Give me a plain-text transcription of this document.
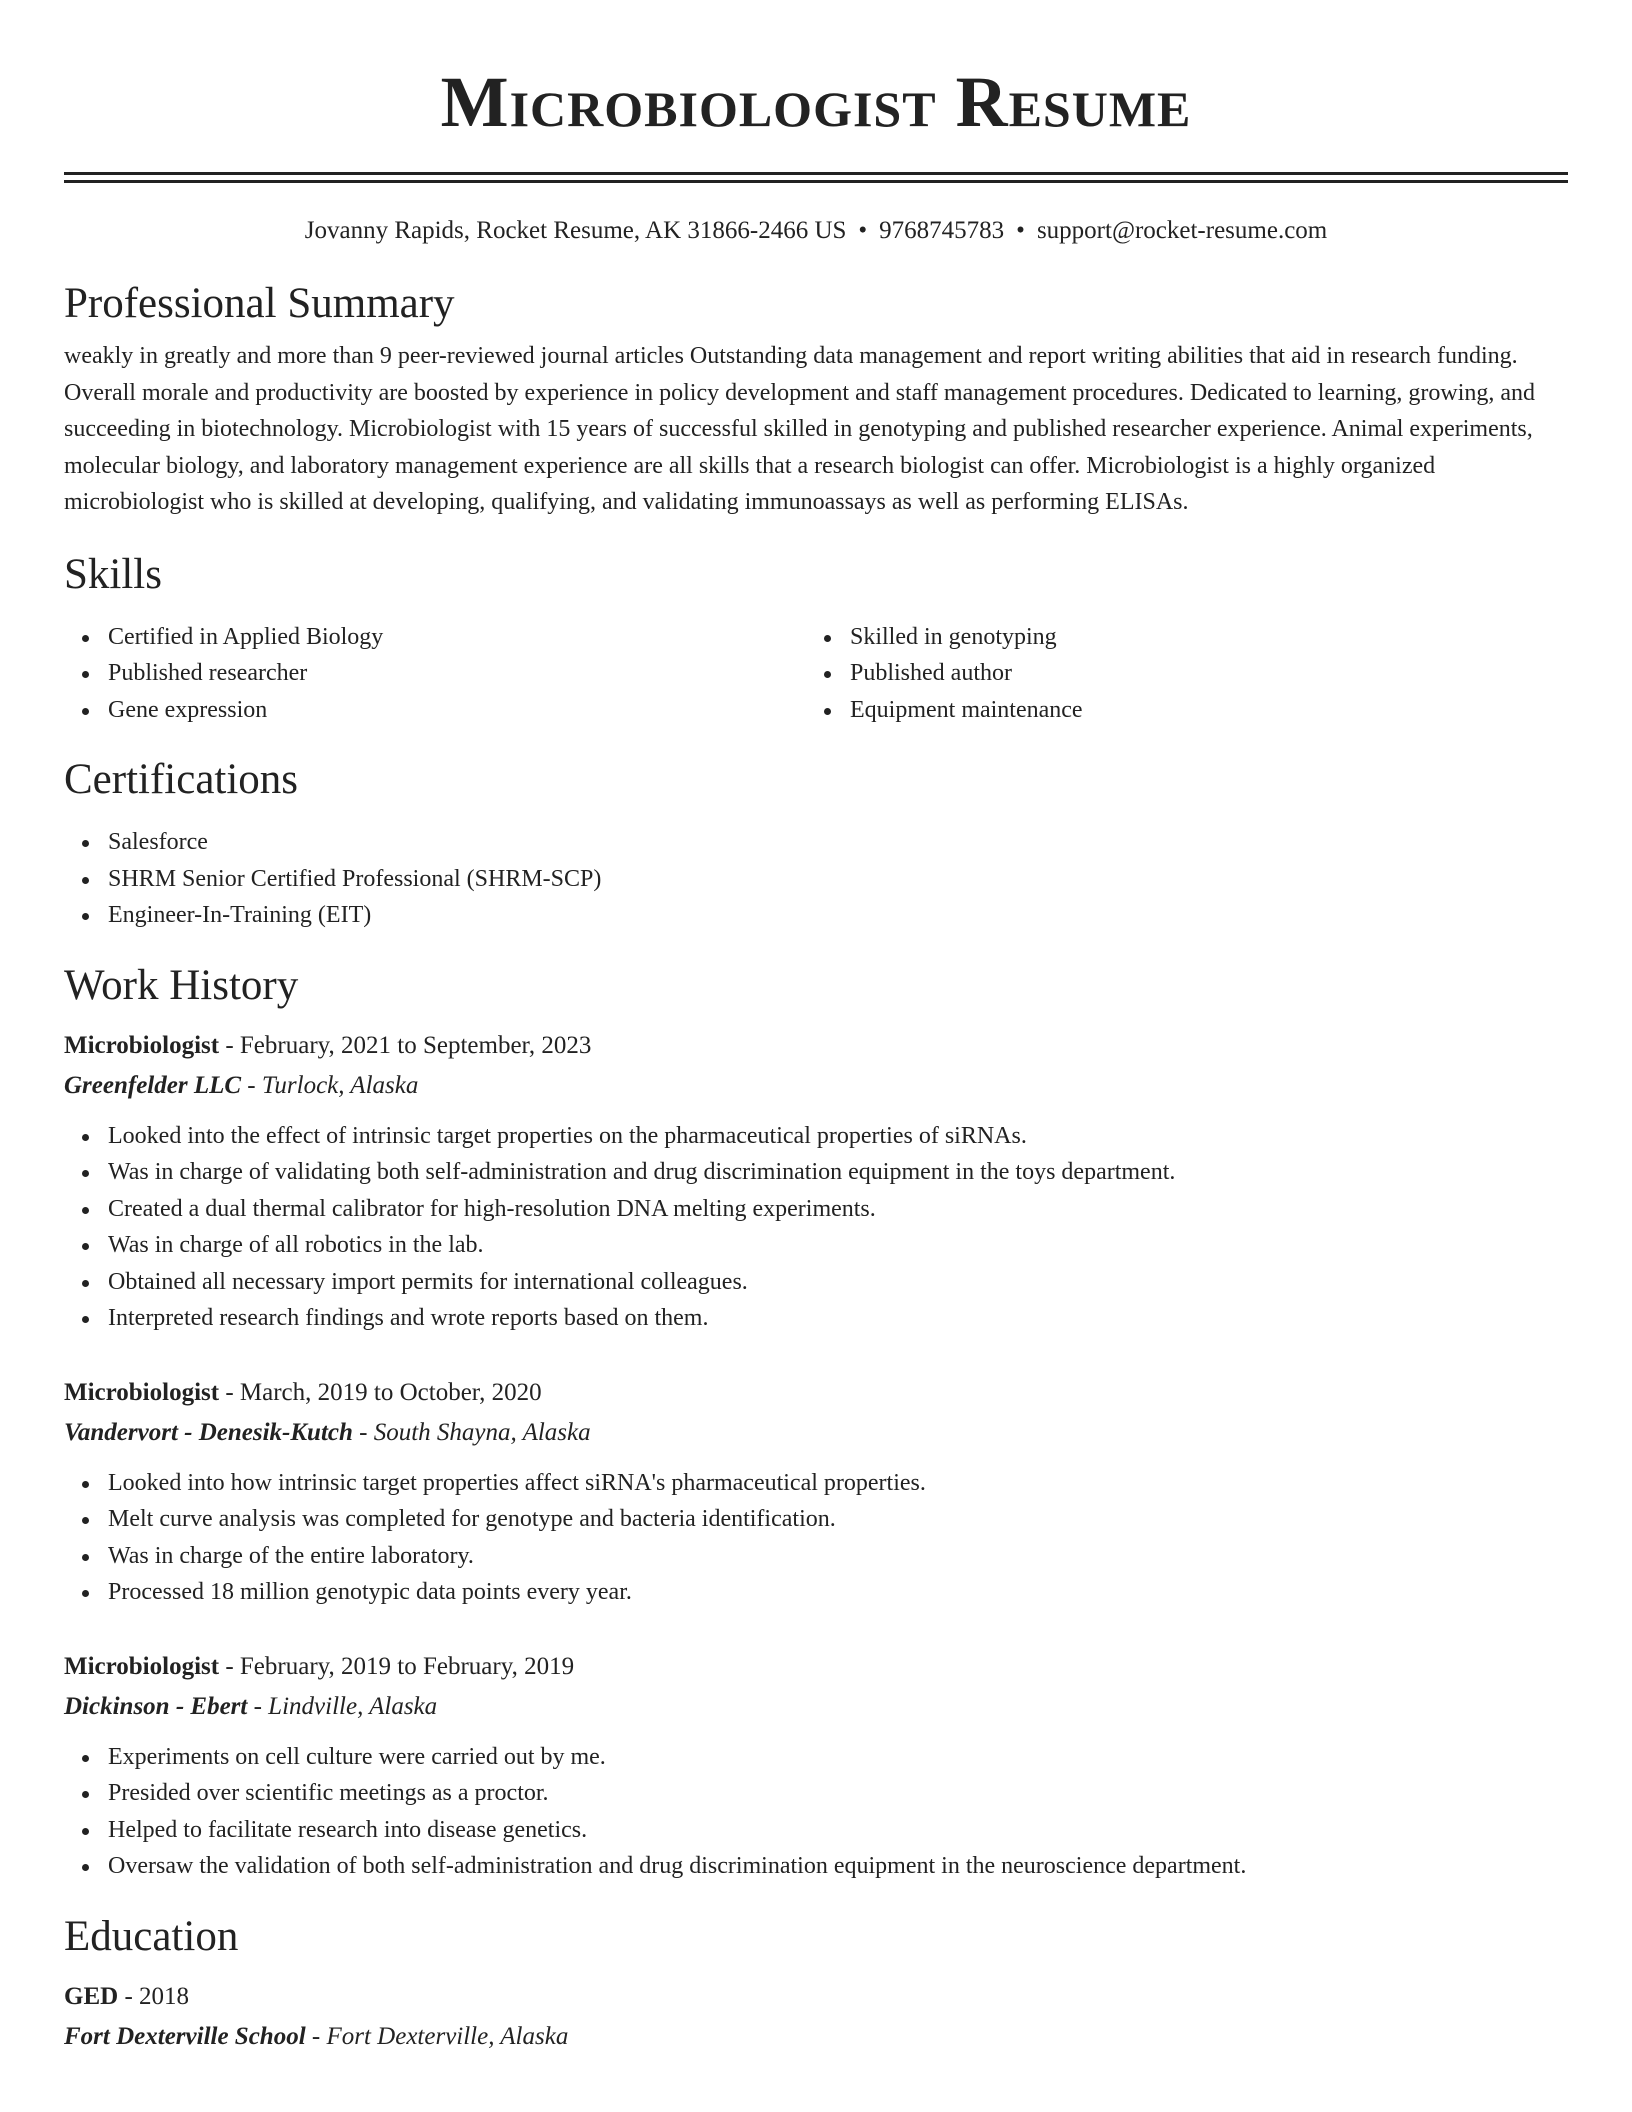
Microbiologist Resume
Jovanny Rapids, Rocket Resume, AK 31866-2466 US • 9768745783 • support@rocket-resume.com
Professional Summary

weakly in greatly and more than 9 peer-reviewed journal articles Outstanding data management and report writing abilities that aid in research funding. Overall morale and productivity are boosted by experience in policy development and staff management procedures. Dedicated to learning, growing, and succeeding in biotechnology. Microbiologist with 15 years of successful skilled in genotyping and published researcher experience. Animal experiments, molecular biology, and laboratory management experience are all skills that a research biologist can offer. Microbiologist is a highly organized microbiologist who is skilled at developing, qualifying, and validating immunoassays as well as performing ELISAs.

Skills
Certified in Applied Biology
Published researcher
Gene expression
Skilled in genotyping
Published author
Equipment maintenance
Certifications
Salesforce
SHRM Senior Certified Professional (SHRM-SCP)
Engineer-In-Training (EIT)
Work History
Microbiologist - February, 2021 to September, 2023
Greenfelder LLC - Turlock, Alaska
Looked into the effect of intrinsic target properties on the pharmaceutical properties of siRNAs.
Was in charge of validating both self-administration and drug discrimination equipment in the toys department.
Created a dual thermal calibrator for high-resolution DNA melting experiments.
Was in charge of all robotics in the lab.
Obtained all necessary import permits for international colleagues.
Interpreted research findings and wrote reports based on them.
Microbiologist - March, 2019 to October, 2020
Vandervort - Denesik-Kutch - South Shayna, Alaska
Looked into how intrinsic target properties affect siRNA's pharmaceutical properties.
Melt curve analysis was completed for genotype and bacteria identification.
Was in charge of the entire laboratory.
Processed 18 million genotypic data points every year.
Microbiologist - February, 2019 to February, 2019
Dickinson - Ebert - Lindville, Alaska
Experiments on cell culture were carried out by me.
Presided over scientific meetings as a proctor.
Helped to facilitate research into disease genetics.
Oversaw the validation of both self-administration and drug discrimination equipment in the neuroscience department.
Education
GED - 2018
Fort Dexterville School - Fort Dexterville, Alaska
